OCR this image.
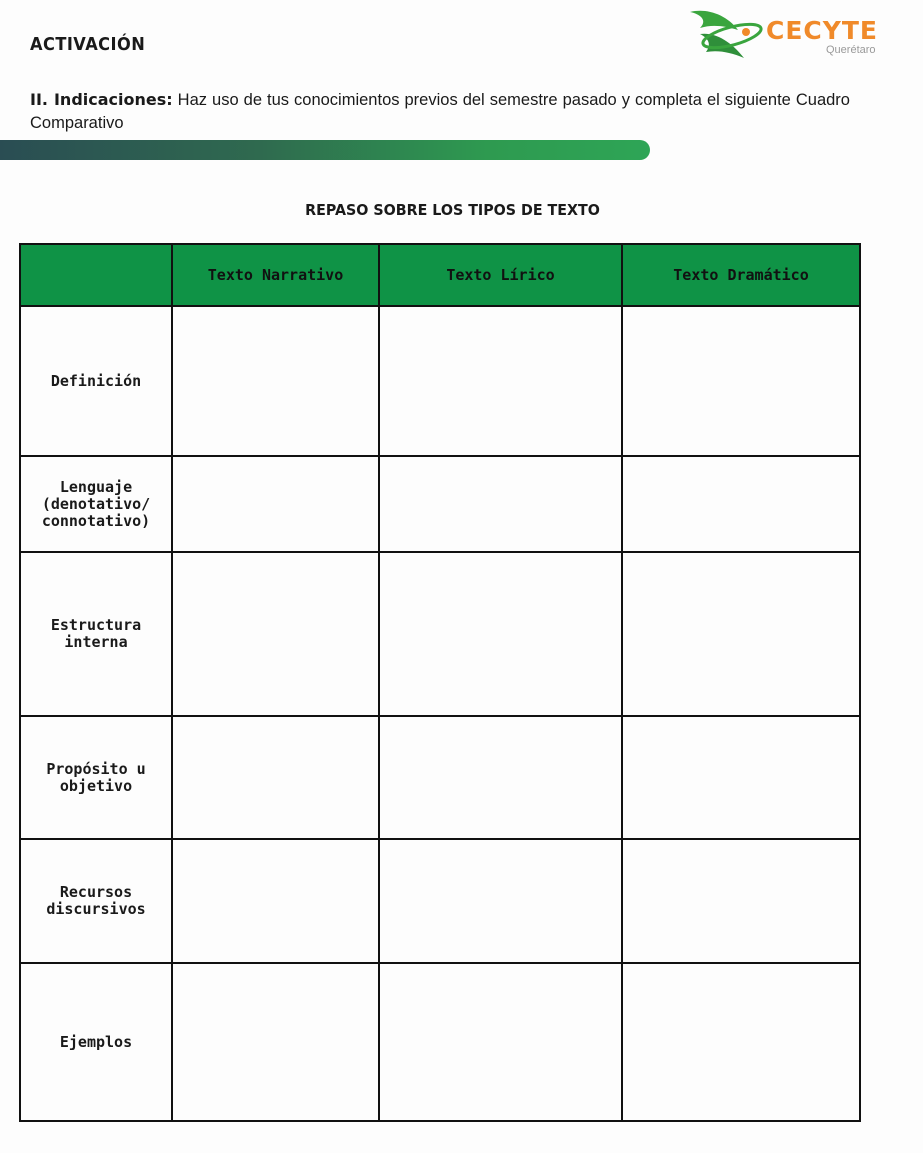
ACTIVACIÓN	CECYTE
Querétaro
II. Indicaciones: Haz uso de tus conocimientos previos del semestre pasado y completa el siguiente Cuadro Comparativo
REPASO SOBRE LOS TIPOS DE TEXTO
	Texto Narrativo	Texto Lírico	Texto Dramático
Definición			
Lenguaje (denotativo/ connotativo)			
Estructura interna			
Propósito u objetivo			
Recursos discursivos			
Ejemplos			
